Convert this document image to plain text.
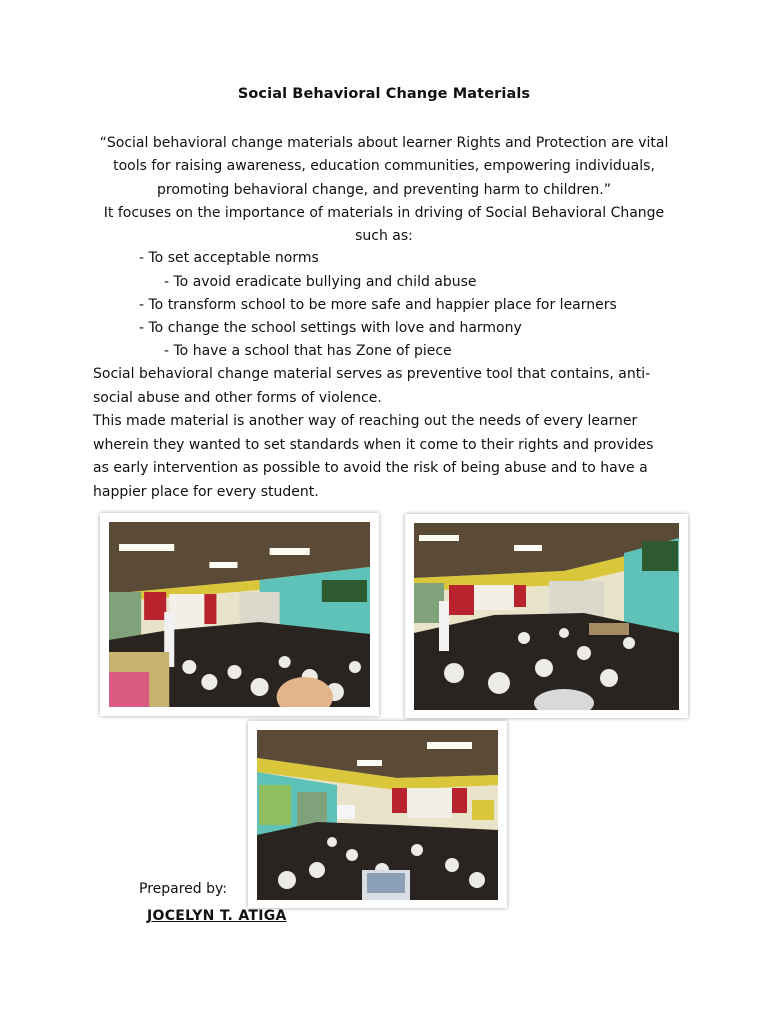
Social Behavioral Change Materials
“Social behavioral change materials about learner Rights and Protection are vital
tools for raising awareness, education communities, empowering individuals,
promoting behavioral change, and preventing harm to children.”
It focuses on the importance of materials in driving of Social Behavioral Change
such as:
- To set acceptable norms
- To avoid eradicate bullying and child abuse
- To transform school to be more safe and happier place for learners
- To change the school settings with love and harmony
- To have a school that has Zone of piece
Social behavioral change material serves as preventive tool that contains, anti-social abuse and other forms of violence.
This made material is another way of reaching out the needs of every learner wherein they wanted to set standards when it come to their rights and provides as early intervention as possible to avoid the risk of being abuse and to have a happier place for every student.
Prepared by:
JOCELYN T. ATIGA
